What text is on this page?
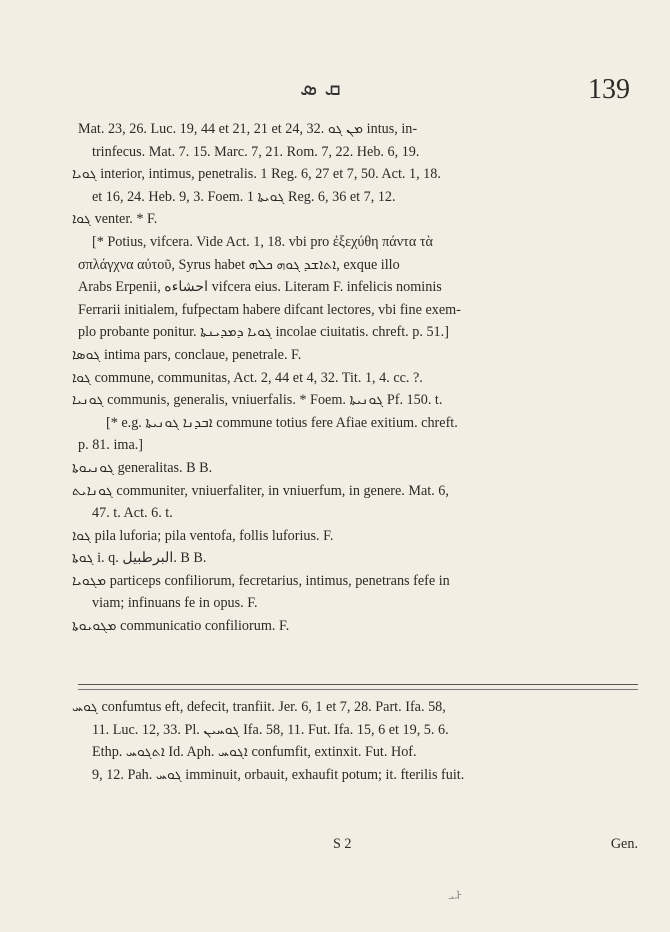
ܩ ܣ	139
Mat. 23, 26. Luc. 19, 44 et 21, 21 et 24, 32. ܡܢ ܓܘ intus, in-
trinfecus. Mat. 7. 15. Marc. 7, 21. Rom. 7, 22. Heb. 6, 19.
ܓܘܝܐ interior, intimus, penetralis. 1 Reg. 6, 27 et 7, 50. Act. 1, 18.
et 16, 24. Heb. 9, 3. Foem. ܓܘܝܬܐ 1 Reg. 6, 36 et 7, 12.
ܓܘܐ venter. * F.
[* Potius, vifcera. Vide Act. 1, 18. vbi pro ἐξεχύθη πάντα τὰ
σπλάγχνα αὐτοῦ, Syrus habet ܐܬܐܫܕ ܓܘܗ ܟܠܗ, exque illo
Arabs Erpenii, احشاءه vifcera eius. Literam F. infelicis nominis
Ferrarii initialem, fufpectam habere difcant lectores, vbi fine exem-
plo probante ponitur. ܓܘܝܐ ܕܡܕܝܢܬܐ incolae ciuitatis. chreft. p. 51.]
ܓܘܣܐ intima pars, conclaue, penetrale. F.
ܓܘܐ commune, communitas, Act. 2, 44 et 4, 32. Tit. 1, 4. cc. ?.
ܓܘܢܝܐ communis, generalis, vniuerfalis. * Foem. ܓܘܢܝܬܐ Pf. 150. t.
[* e.g. ܐܒܕܢܐ ܓܘܢܝܬܐ commune totius fere Afiae exitium. chreft.
p. 81. ima.]
ܓܘܢܝܘܬܐ generalitas. B B.
ܓܘܢܐܝܬ communiter, vniuerfaliter, in vniuerfum, in genere. Mat. 6,
47. t. Act. 6. t.
ܓܘܐ pila luforia; pila ventofa, follis luforius. F.
ܓܘܬܐ i. q. البرطبيل. B B.
ܡܓܘܝܐ particeps confiliorum, fecretarius, intimus, penetrans fefe in
viam; infinuans fe in opus. F.
ܡܓܘܝܘܬܐ communicatio confiliorum. F.
ܓܘܚ confumtus eft, defecit, tranfiit. Jer. 6, 1 et 7, 28. Part. Ifa. 58,
11. Luc. 12, 33. Pl. ܓܘܚܝܢ Ifa. 58, 11. Fut. Ifa. 15, 6 et 19, 5. 6.
Ethp. ܐܬܓܘܚ Id. Aph. ܐܓܘܚ confumfit, extinxit. Fut. Hof.
9, 12. Pah. ܓܘܚ imminuit, orbauit, exhaufit potum; it. fterilis fuit.
S 2	Gen.
ᅪ
